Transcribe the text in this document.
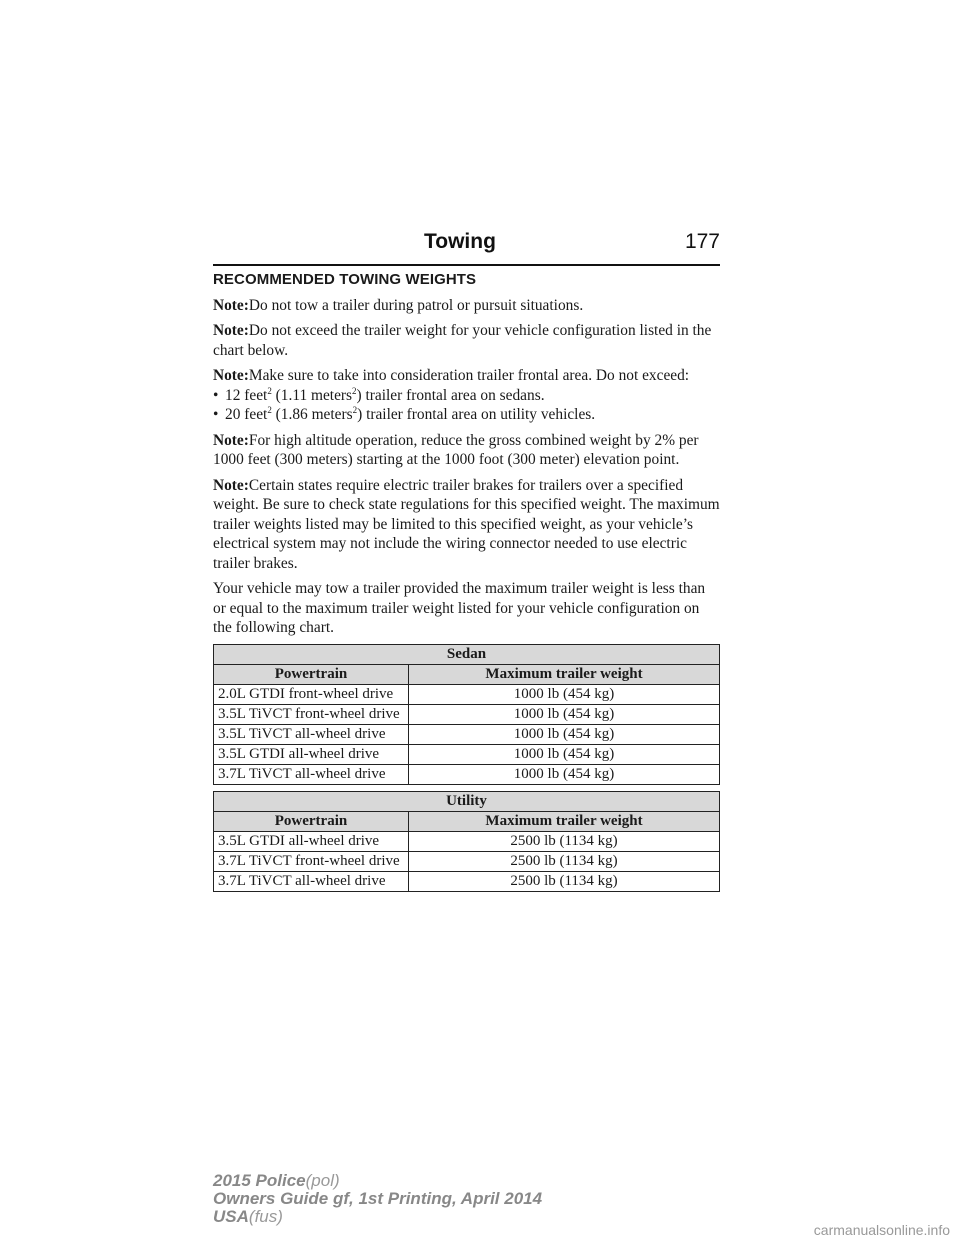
Towing	177
RECOMMENDED TOWING WEIGHTS

Note:Do not tow a trailer during patrol or pursuit situations.

Note:Do not exceed the trailer weight for your vehicle configuration listed in the chart below.

Note:Make sure to take into consideration trailer frontal area. Do not exceed:

• 12 feet$^2$ (1.11 meters$^2$) trailer frontal area on sedans.
• 20 feet$^2$ (1.86 meters$^2$) trailer frontal area on utility vehicles.

Note:For high altitude operation, reduce the gross combined weight by 2% per 1000 feet (300 meters) starting at the 1000 foot (300 meter) elevation point.

Note:Certain states require electric trailer brakes for trailers over a specified weight. Be sure to check state regulations for this specified weight. The maximum trailer weights listed may be limited to this specified weight, as your vehicle’s electrical system may not include the wiring connector needed to use electric trailer brakes.

Your vehicle may tow a trailer provided the maximum trailer weight is less than or equal to the maximum trailer weight listed for your vehicle configuration on the following chart.

Sedan	
Powertrain	Maximum trailer weight
2.0L GTDI front-wheel drive	1000 lb (454 kg)
3.5L TiVCT front-wheel drive	1000 lb (454 kg)
3.5L TiVCT all-wheel drive	1000 lb (454 kg)
3.5L GTDI all-wheel drive	1000 lb (454 kg)
3.7L TiVCT all-wheel drive	1000 lb (454 kg)
Utility	
Powertrain	Maximum trailer weight
3.5L GTDI all-wheel drive	2500 lb (1134 kg)
3.7L TiVCT front-wheel drive	2500 lb (1134 kg)
3.7L TiVCT all-wheel drive	2500 lb (1134 kg)
2015 Police(pol)
Owners Guide gf, 1st Printing, April 2014
USA(fus)
carmanualsonline.info
